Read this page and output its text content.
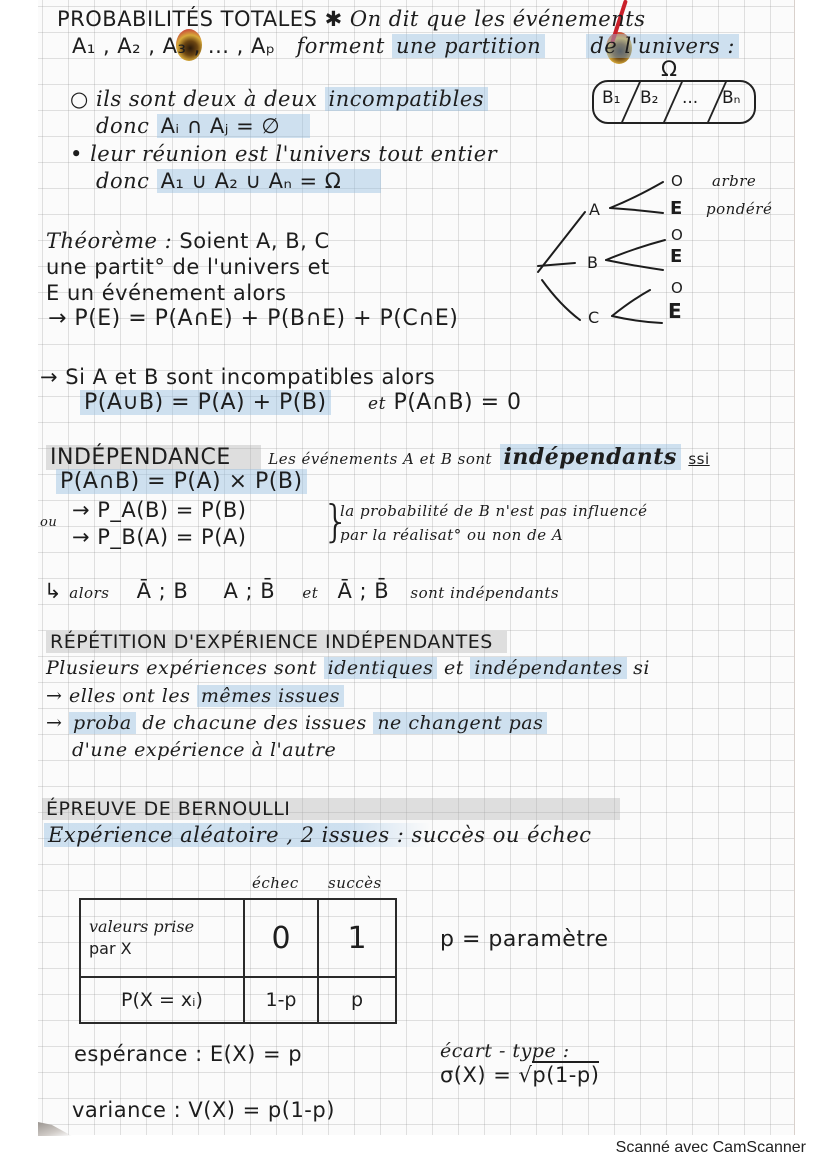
PROBABILITÉS TOTALES ✱ On dit que les événements
A₁ , A₂ , A₃ , ... , Aₚ forment une partition de l'univers :
○ ils sont deux à deux incompatibles
donc Aᵢ ∩ Aⱼ = ∅
• leur réunion est l'univers tout entier
donc A₁ ∪ A₂ ∪ Aₙ = Ω
Ω
B₁ B₂ ... Bₙ
Théorème : Soient A, B, C
une partit° de l'univers et
E un événement alors
→ P(E) = P(A∩E) + P(B∩E) + P(C∩E)
A
B
C
O
E
O
E
O
E
arbre
pondéré
→ Si A et B sont incompatibles alors
P(A∪B) = P(A) + P(B) et P(A∩B) = 0
INDÉPENDANCE	Les événements A et B sont indépendants ssi
P(A∩B) = P(A) × P(B)
ou
→ P_A(B) = P(B)
→ P_B(A) = P(A) }
la probabilité de B n'est pas influencé
par la réalisat° ou non de A
↳ alors Ā ; B A ; B̄ et Ā ; B̄ sont indépendants
RÉPÉTITION D'EXPÉRIENCE INDÉPENDANTES
Plusieurs expériences sont identiques et indépendantes si
→ elles ont les mêmes issues
→ proba de chacune des issues ne changent pas
d'une expérience à l'autre
ÉPREUVE DE BERNOULLI
Expérience aléatoire , 2 issues : succès ou échec
échec succès
valeurs prise
par X	0	1
P(X = xᵢ)	1-p	p
p = paramètre
espérance : E(X) = p
variance : V(X) = p(1-p)
écart - type :
σ(X) = √p(1-p)
Scanné avec CamScanner
